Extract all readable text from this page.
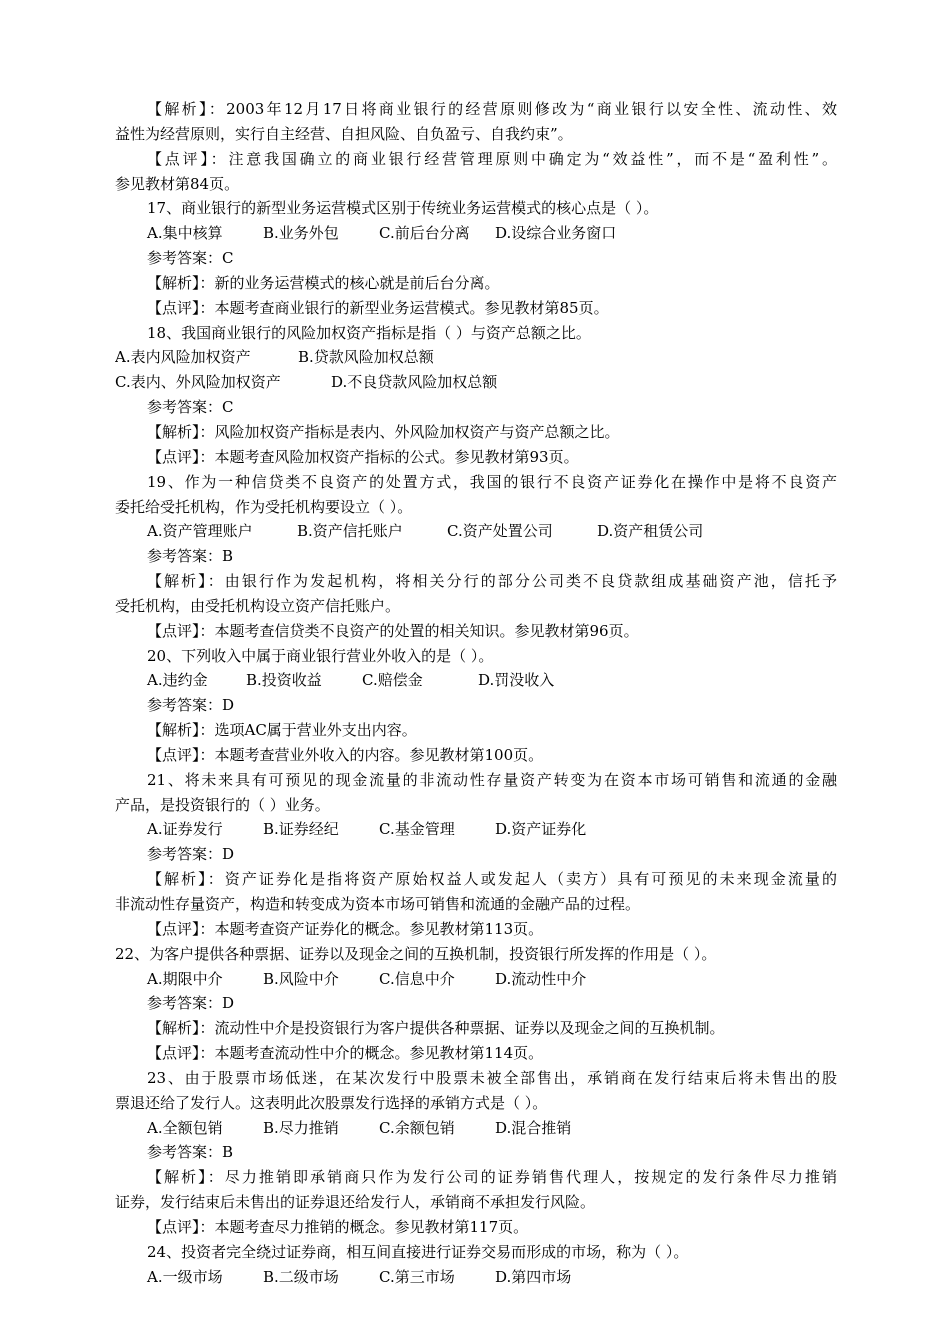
【解析】：2003年12月17日将商业银行的经营原则修改为“商业银行以安全性、流动性、效
益性为经营原则，实行自主经营、自担风险、自负盈亏、自我约束”。
【点评】：注意我国确立的商业银行经营管理原则中确定为“效益性”，而不是“盈利性”。
参见教材第84页。
17、商业银行的新型业务运营模式区别于传统业务运营模式的核心点是（ ）。
A.集中核算	B.业务外包	C.前后台分离 D.设综合业务窗口
参考答案：C
【解析】：新的业务运营模式的核心就是前后台分离。
【点评】：本题考查商业银行的新型业务运营模式。参见教材第85页。
18、我国商业银行的风险加权资产指标是指（ ）与资产总额之比。
A.表内风险加权资产	B.贷款风险加权总额
C.表内、外风险加权资产	D.不良贷款风险加权总额
参考答案：C
【解析】：风险加权资产指标是表内、外风险加权资产与资产总额之比。
【点评】：本题考查风险加权资产指标的公式。参见教材第93页。
19、作为一种信贷类不良资产的处置方式，我国的银行不良资产证券化在操作中是将不良资产
委托给受托机构，作为受托机构要设立（ ）。
A.资产管理账户	B.资产信托账户	C.资产处置公司	D.资产租赁公司
参考答案：B
【解析】：由银行作为发起机构，将相关分行的部分公司类不良贷款组成基础资产池，信托予
受托机构，由受托机构设立资产信托账户。
【点评】：本题考查信贷类不良资产的处置的相关知识。参见教材第96页。
20、下列收入中属于商业银行营业外收入的是（ ）。
A.违约金	B.投资收益	C.赔偿金	D.罚没收入
参考答案：D
【解析】：选项AC属于营业外支出内容。
【点评】：本题考查营业外收入的内容。参见教材第100页。
21、将未来具有可预见的现金流量的非流动性存量资产转变为在资本市场可销售和流通的金融
产品，是投资银行的（ ）业务。
A.证券发行	B.证券经纪	C.基金管理	D.资产证券化
参考答案：D
【解析】：资产证券化是指将资产原始权益人或发起人（卖方）具有可预见的未来现金流量的
非流动性存量资产，构造和转变成为资本市场可销售和流通的金融产品的过程。
【点评】：本题考查资产证券化的概念。参见教材第113页。
22、为客户提供各种票据、证券以及现金之间的互换机制，投资银行所发挥的作用是（ ）。
A.期限中介	B.风险中介	C.信息中介	D.流动性中介
参考答案：D
【解析】：流动性中介是投资银行为客户提供各种票据、证券以及现金之间的互换机制。
【点评】：本题考查流动性中介的概念。参见教材第114页。
23、由于股票市场低迷，在某次发行中股票未被全部售出，承销商在发行结束后将未售出的股
票退还给了发行人。这表明此次股票发行选择的承销方式是（ ）。
A.全额包销	B.尽力推销	C.余额包销	D.混合推销
参考答案：B
【解析】：尽力推销即承销商只作为发行公司的证券销售代理人，按规定的发行条件尽力推销
证券，发行结束后未售出的证券退还给发行人，承销商不承担发行风险。
【点评】：本题考查尽力推销的概念。参见教材第117页。
24、投资者完全绕过证券商，相互间直接进行证券交易而形成的市场，称为（ ）。
A.一级市场	B.二级市场	C.第三市场	D.第四市场
